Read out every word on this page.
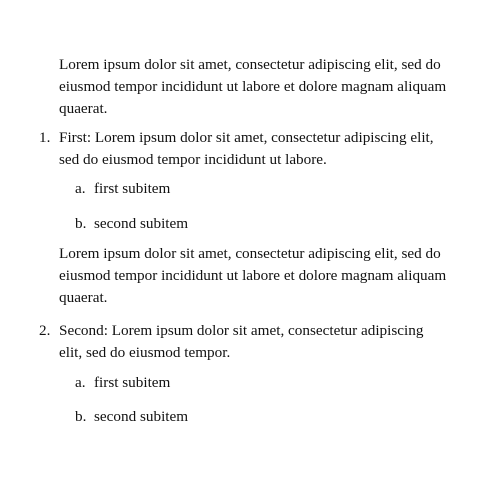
Lorem ipsum dolor sit amet, consectetur adipiscing elit, sed do eiusmod tempor incididunt ut labore et dolore magnam aliquam quaerat.

1. First: Lorem ipsum dolor sit amet, consectetur adipiscing elit, sed do eiusmod tempor incididunt ut labore.

a. first subitem

b. second subitem

Lorem ipsum dolor sit amet, consectetur adipiscing elit, sed do eiusmod tempor incididunt ut labore et dolore magnam aliquam quaerat.

2. Second: Lorem ipsum dolor sit amet, consectetur adipiscing elit, sed do eiusmod tempor.

a. first subitem

b. second subitem
